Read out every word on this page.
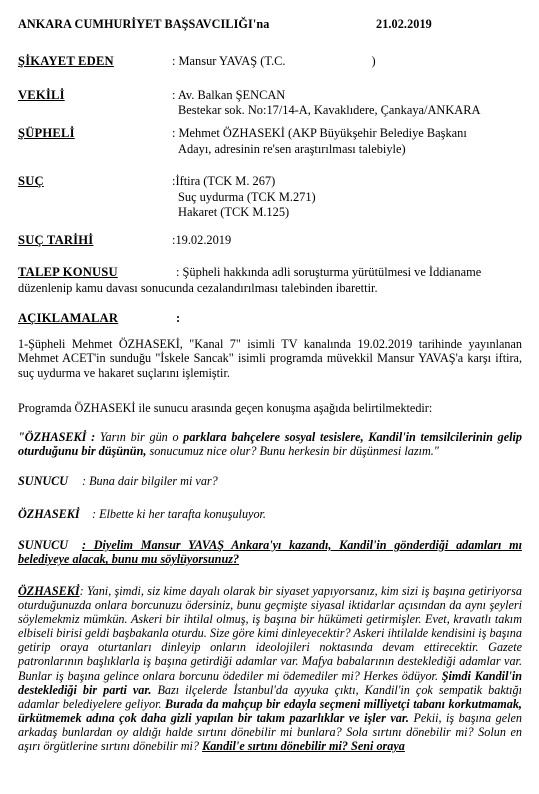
ANKARA CUMHURİYET BAŞSAVCILIĞI'na	21.02.2019
ŞİKAYET EDEN	: Mansur YAVAŞ (T.C.	)
VEKİLİ	: Av. Balkan ŞENCAN
Bestekar sok. No:17/14-A, Kavaklıdere, Çankaya/ANKARA
ŞÜPHELİ	: Mehmet ÖZHASEKİ (AKP Büyükşehir Belediye Başkanı
Adayı, adresinin re'sen araştırılması talebiyle)
SUÇ	:İftira (TCK M. 267)
Suç uydurma (TCK M.271)
Hakaret (TCK M.125)
SUÇ TARİHİ	:19.02.2019
TALEP KONUSU	: Şüpheli hakkında adli soruşturma yürütülmesi ve İddianame
düzenlenip kamu davası sonucunda cezalandırılması talebinden ibarettir.
AÇIKLAMALAR	:
1-Şüpheli Mehmet ÖZHASEKİ, "Kanal 7" isimli TV kanalında 19.02.2019 tarihinde yayınlanan Mehmet ACET'in sunduğu "İskele Sancak" isimli programda müvekkil Mansur YAVAŞ'a karşı iftira, suç uydurma ve hakaret suçlarını işlemiştir.
Programda ÖZHASEKİ ile sunucu arasında geçen konuşma aşağıda belirtilmektedir:
"ÖZHASEKİ : Yarın bir gün o parklara bahçelere sosyal tesislere, Kandil'in temsilcilerinin gelip oturduğunu bir düşünün, sonucumuz nice olur? Bunu herkesin bir düşünmesi lazım."
SUNUCU : Buna dair bilgiler mi var?
ÖZHASEKİ : Elbette ki her tarafta konuşuluyor.
SUNUCU : Diyelim Mansur YAVAŞ Ankara'yı kazandı, Kandil'in gönderdiği adamları mı belediyeye alacak, bunu mu söylüyorsunuz?
ÖZHASEKİ: Yani, şimdi, siz kime dayalı olarak bir siyaset yapıyorsanız, kim sizi iş başına getiriyorsa oturduğunuzda onlara borcunuzu ödersiniz, bunu geçmişte siyasal iktidarlar açısından da aynı şeyleri söylemekmiz mümkün. Askeri bir ihtilal olmuş, iş başına bir hükümeti getirmişler. Evet, kravatlı takım elbiseli birisi geldi başbakanla oturdu. Size göre kimi dinleyecektir? Askeri ihtilalde kendisini iş başına getirip oraya oturtanları dinleyip onların ideolojileri noktasında devam ettirecektir. Gazete patronlarının başlıklarla iş başına getirdiği adamlar var. Mafya babalarının desteklediği adamlar var. Bunlar iş başına gelince onlara borcunu ödediler mi ödemediler mi? Herkes ödüyor. Şimdi Kandil'in desteklediği bir parti var. Bazı ilçelerde İstanbul'da ayyuka çıktı, Kandil'in çok sempatik baktığı adamlar belediyelere geliyor. Burada da mahçup bir edayla seçmeni milliyetçi tabanı korkutmamak, ürkütmemek adına çok daha gizli yapılan bir takım pazarlıklar ve işler var. Pekii, iş başına gelen arkadaş bunlardan oy aldığı halde sırtını dönebilir mi bunlara? Sola sırtını dönebilir mi? Solun en aşırı örgütlerine sırtını dönebilir mi? Kandil'e sırtını dönebilir mi? Seni oraya
